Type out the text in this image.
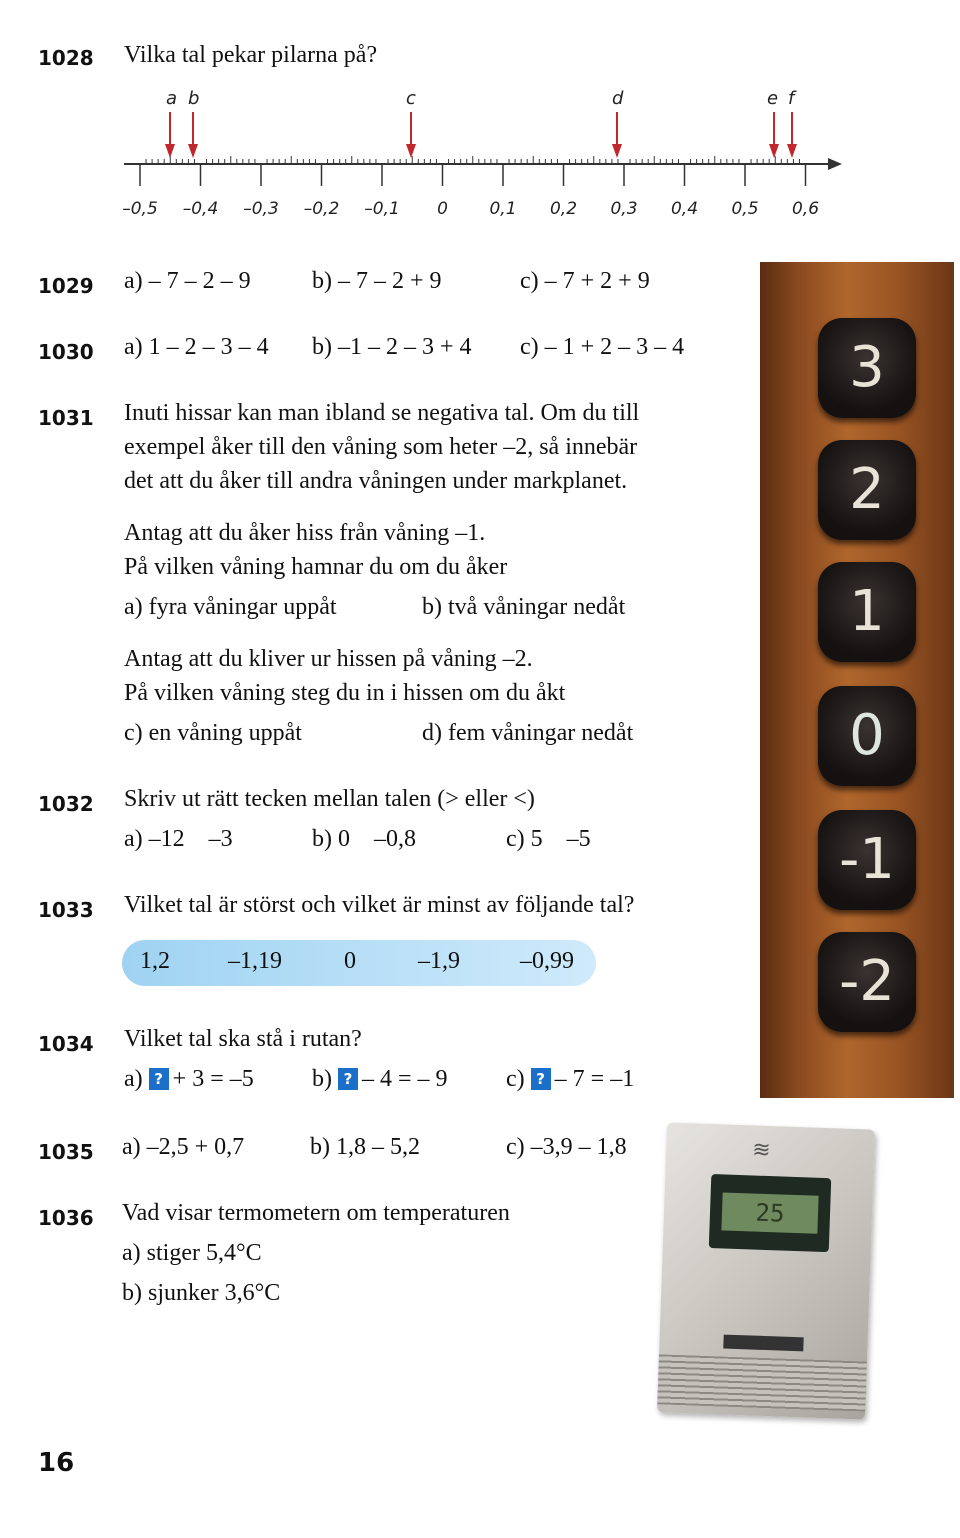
1028 Vilka tal pekar pilarna på?
a b	c	d	e f
–0,5 –0,4 –0,3 –0,2 –0,1 0 0,1 0,2 0,3 0,4 0,5 0,6
1029 a) – 7 – 2 – 9	b) – 7 – 2 + 9	c) – 7 + 2 + 9
1030 a) 1 – 2 – 3 – 4 b) –1 – 2 – 3 + 4 c) – 1 + 2 – 3 – 4
1031 Inuti hissar kan man ibland se negativa tal. Om du till
exempel åker till den våning som heter –2, så innebär
det att du åker till andra våningen under markplanet.
Antag att du åker hiss från våning –1.
På vilken våning hamnar du om du åker
a) fyra våningar uppåt	b) två våningar nedåt
Antag att du kliver ur hissen på våning –2.
På vilken våning steg du in i hissen om du åkt
c) en våning uppåt	d) fem våningar nedåt
1032 Skriv ut rätt tecken mellan talen (> eller <)
a) –12    –3	b) 0    –0,8	c) 5    –5
1033 Vilket tal är störst och vilket är minst av följande tal?
1,2 –1,19	0	–1,9	–0,99
1034 Vilket tal ska stå i rutan?
a) ? + 3 = –5 b) ? – 4 = – 9 c) ? – 7 = –1
1035 a) –2,5 + 0,7	b) 1,8 – 5,2	c) –3,9 – 1,8
1036 Vad visar termometern om temperaturen
a) stiger 5,4°C
b) sjunker 3,6°C
3
2
1
0
-1
-2
≋
25
16
